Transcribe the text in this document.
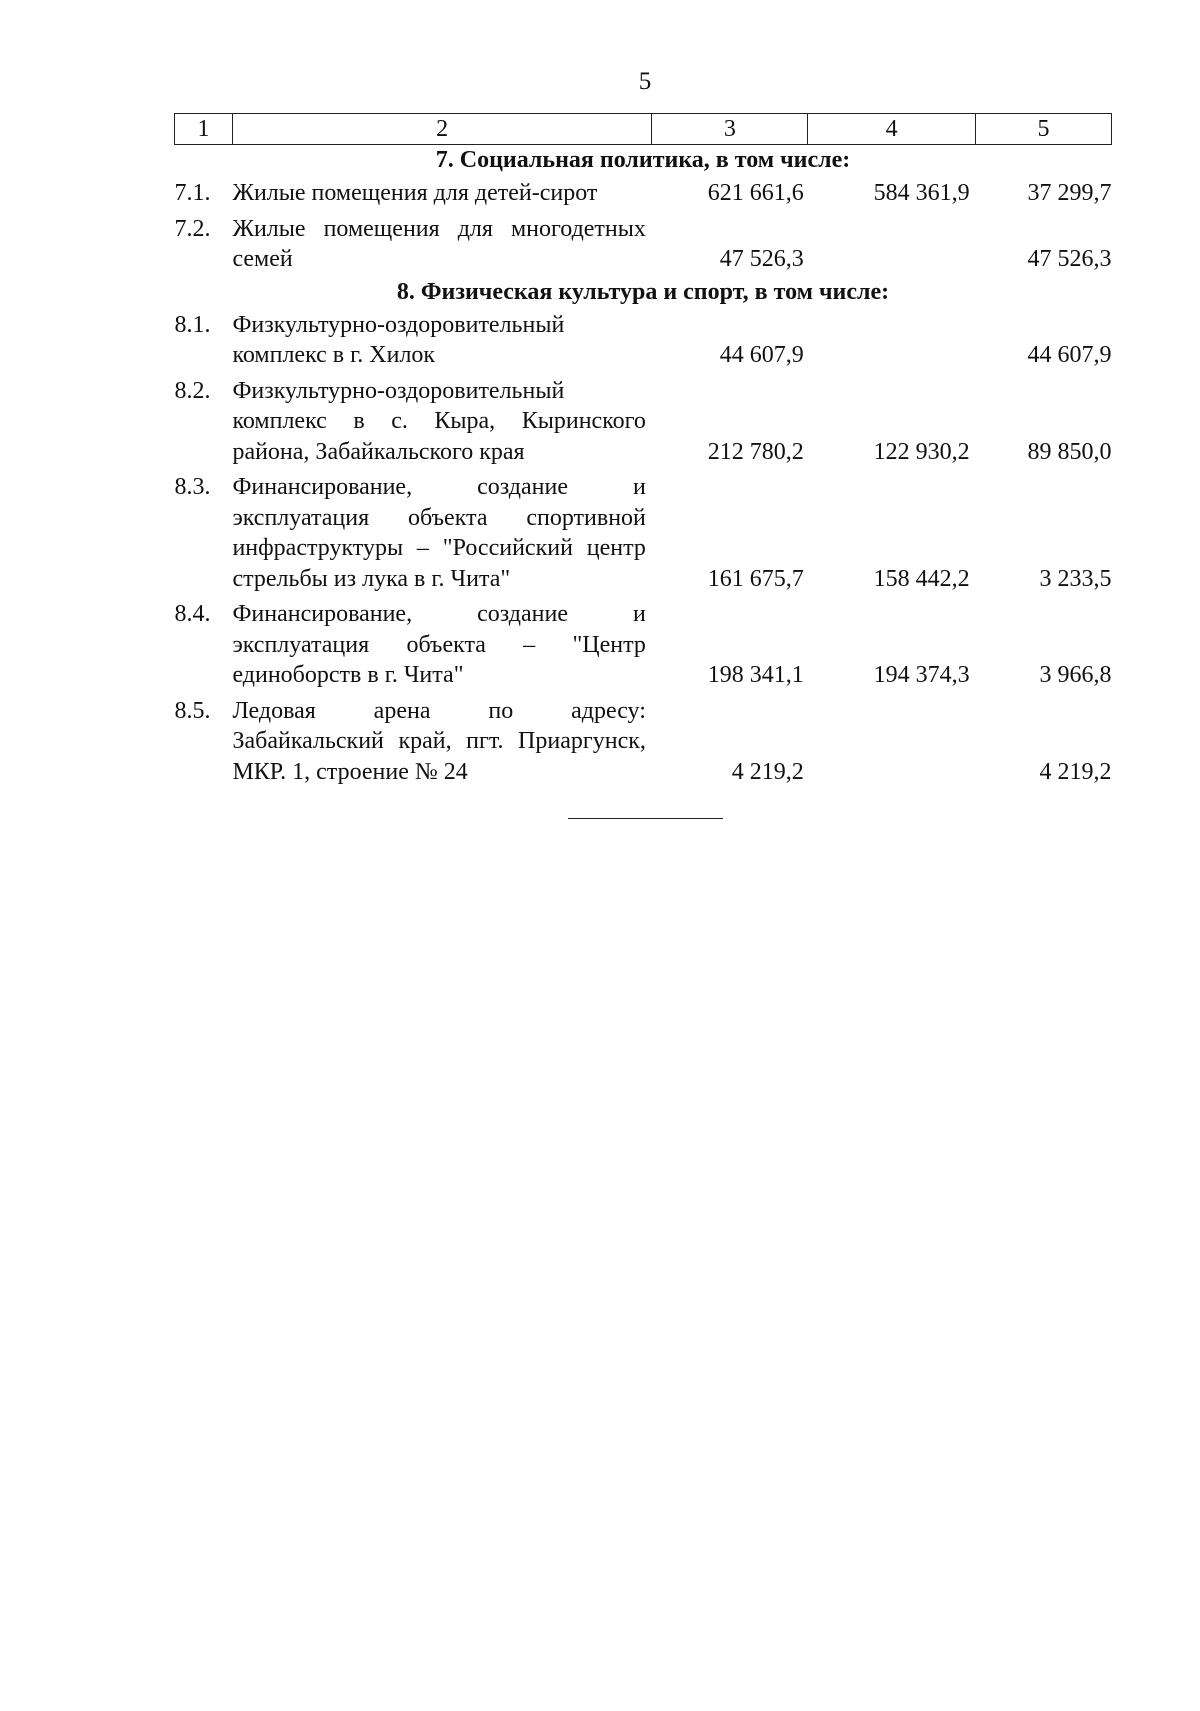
5
1	2	3	4	5
7. Социальная политика, в том числе:				
7.1.	Жилые помещения для детей-сирот	621 661,6	584 361,9	37 299,7
7.2.	Жилые помещения для многодетных семей	47 526,3		47 526,3
8. Физическая культура и спорт, в том числе:				
8.1.	Физкультурно-оздоровительный комплекс в г. Хилок	44 607,9		44 607,9
8.2.	Физкультурно-оздоровительный комплекс в с. Кыра, Кыринского района, Забайкальского края	212 780,2	122 930,2	89 850,0
8.3.	Финансирование, создание и эксплуатация объекта спортивной инфраструктуры – "Российский центр стрельбы из лука в г. Чита"	161 675,7	158 442,2	3 233,5
8.4.	Финансирование, создание и эксплуатация объекта – "Центр единоборств в г. Чита"	198 341,1	194 374,3	3 966,8
8.5.	Ледовая арена по адресу: Забайкальский край, пгт. Приаргунск, МКР. 1, строение № 24	4 219,2		4 219,2
